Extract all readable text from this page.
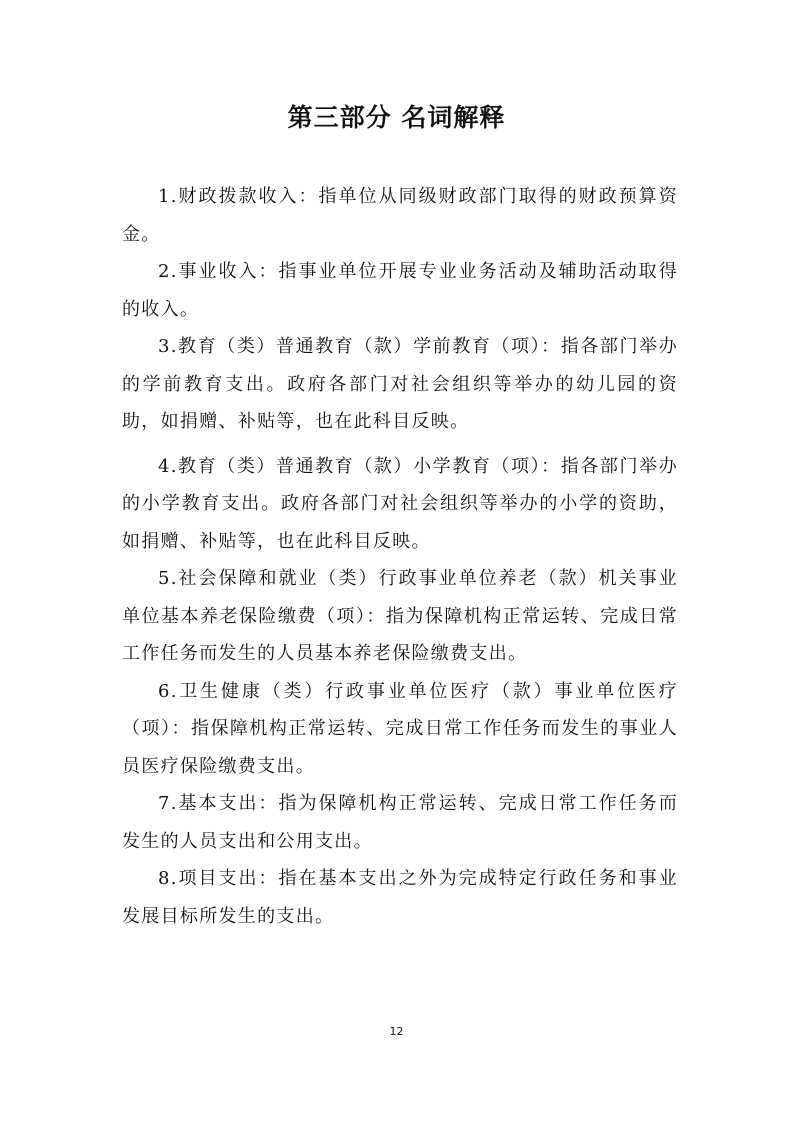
第三部分 名词解释

1.财政拨款收入：指单位从同级财政部门取得的财政预算资金。

2.事业收入：指事业单位开展专业业务活动及辅助活动取得的收入。

3.教育（类）普通教育（款）学前教育（项）：指各部门举办的学前教育支出。政府各部门对社会组织等举办的幼儿园的资助，如捐赠、补贴等，也在此科目反映。

4.教育（类）普通教育（款）小学教育（项）：指各部门举办的小学教育支出。政府各部门对社会组织等举办的小学的资助，如捐赠、补贴等，也在此科目反映。

5.社会保障和就业（类）行政事业单位养老（款）机关事业单位基本养老保险缴费（项）：指为保障机构正常运转、完成日常工作任务而发生的人员基本养老保险缴费支出。

6.卫生健康（类）行政事业单位医疗（款）事业单位医疗（项）：指保障机构正常运转、完成日常工作任务而发生的事业人员医疗保险缴费支出。

7.基本支出：指为保障机构正常运转、完成日常工作任务而发生的人员支出和公用支出。

8.项目支出：指在基本支出之外为完成特定行政任务和事业发展目标所发生的支出。

12
